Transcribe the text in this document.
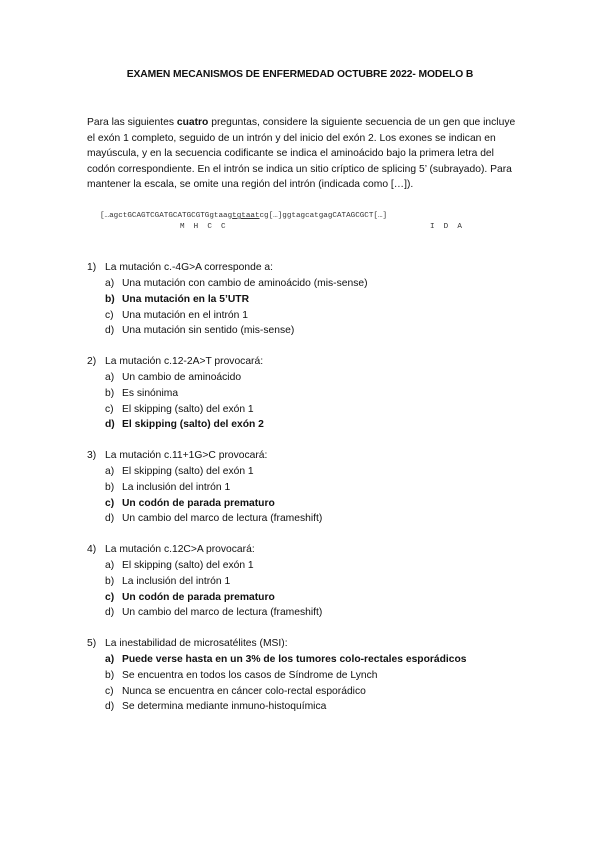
EXAMEN MECANISMOS DE ENFERMEDAD OCTUBRE 2022- MODELO B
Para las siguientes cuatro preguntas, considere la siguiente secuencia de un gen que incluye el exón 1 completo, seguido de un intrón y del inicio del exón 2. Los exones se indican en mayúscula, y en la secuencia codificante se indica el aminoácido bajo la primera letra del codón correspondiente. En el intrón se indica un sitio críptico de splicing 5’ (subrayado). Para mantener la escala, se omite una región del intrón (indicada como […]).
[…agctGCAGTCGATGCATGCGTGgtaagtgtaatcg[…]ggtagcatgagCATAGCGCT[…]
M  H  C  C	I  D  A
1) La mutación c.-4G>A corresponde a:
a) Una mutación con cambio de aminoácido (mis-sense)
b) Una mutación en la 5’UTR
c) Una mutación en el intrón 1
d) Una mutación sin sentido (mis-sense)
2) La mutación c.12-2A>T provocará:
a) Un cambio de aminoácido
b) Es sinónima
c) El skipping (salto) del exón 1
d) El skipping (salto) del exón 2
3) La mutación c.11+1G>C provocará:
a) El skipping (salto) del exón 1
b) La inclusión del intrón 1
c) Un codón de parada prematuro
d) Un cambio del marco de lectura (frameshift)
4) La mutación c.12C>A provocará:
a) El skipping (salto) del exón 1
b) La inclusión del intrón 1
c) Un codón de parada prematuro
d) Un cambio del marco de lectura (frameshift)
5) La inestabilidad de microsatélites (MSI):
a) Puede verse hasta en un 3% de los tumores colo-rectales esporádicos
b) Se encuentra en todos los casos de Síndrome de Lynch
c) Nunca se encuentra en cáncer colo-rectal esporádico
d) Se determina mediante inmuno-histoquímica
